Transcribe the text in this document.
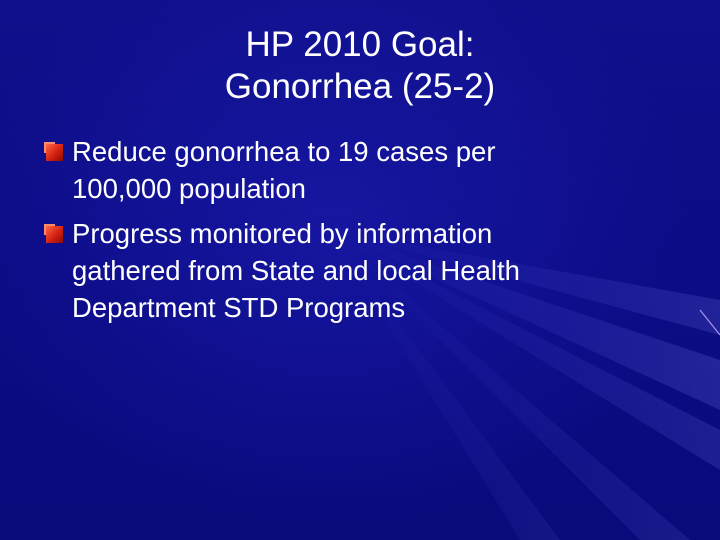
HP 2010 Goal:
Gonorrhea (25-2)
Reduce gonorrhea to 19 cases per
100,000 population
Progress monitored by information
gathered from State and local Health
Department STD Programs
